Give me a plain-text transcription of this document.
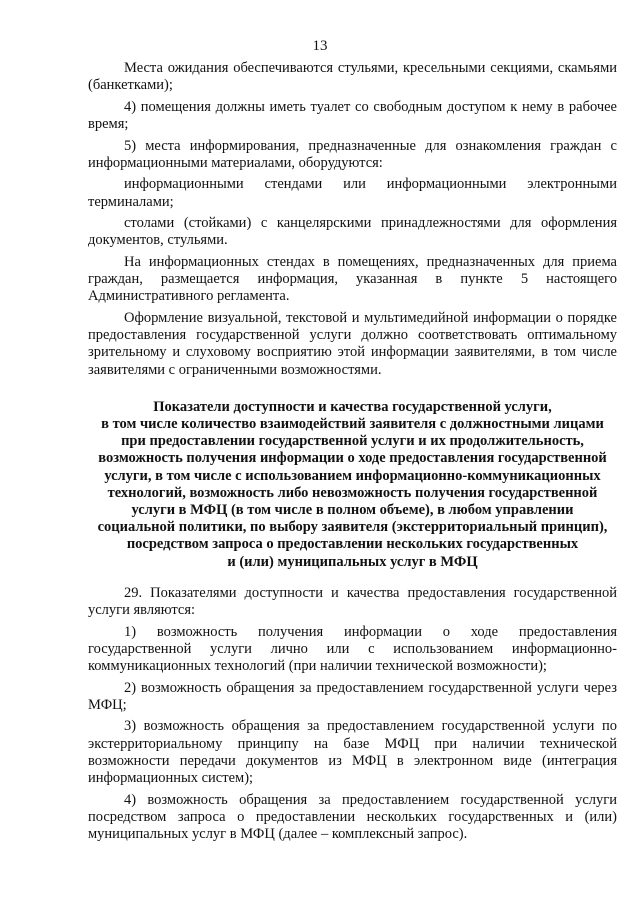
13

Места ожидания обеспечиваются стульями, кресельными секциями, скамьями (банкетками);

4) помещения должны иметь туалет со свободным доступом к нему в рабочее время;

5) места информирования, предназначенные для ознакомления граждан с информационными материалами, оборудуются:

информационными стендами или информационными электронными терминалами;

столами (стойками) с канцелярскими принадлежностями для оформления документов, стульями.

На информационных стендах в помещениях, предназначенных для приема граждан, размещается информация, указанная в пункте 5 настоящего Административного регламента.

Оформление визуальной, текстовой и мультимедийной информации о порядке предоставления государственной услуги должно соответствовать оптимальному зрительному и слуховому восприятию этой информации заявителями, в том числе заявителями с ограниченными возможностями.

Показатели доступности и качества государственной услуги,
в том числе количество взаимодействий заявителя с должностными лицами
при предоставлении государственной услуги и их продолжительность,
возможность получения информации о ходе предоставления государственной
услуги, в том числе с использованием информационно-коммуникационных
технологий, возможность либо невозможность получения государственной
услуги в МФЦ (в том числе в полном объеме), в любом управлении
социальной политики, по выбору заявителя (экстерриториальный принцип),
посредством запроса о предоставлении нескольких государственных
и (или) муниципальных услуг в МФЦ

29. Показателями доступности и качества предоставления государственной услуги являются:

1) возможность получения информации о ходе предоставления государственной услуги лично или с использованием информационно-коммуникационных технологий (при наличии технической возможности);

2) возможность обращения за предоставлением государственной услуги через МФЦ;

3) возможность обращения за предоставлением государственной услуги по экстерриториальному принципу на базе МФЦ при наличии технической возможности передачи документов из МФЦ в электронном виде (интеграция информационных систем);

4) возможность обращения за предоставлением государственной услуги посредством запроса о предоставлении нескольких государственных и (или) муниципальных услуг в МФЦ (далее – комплексный запрос).
